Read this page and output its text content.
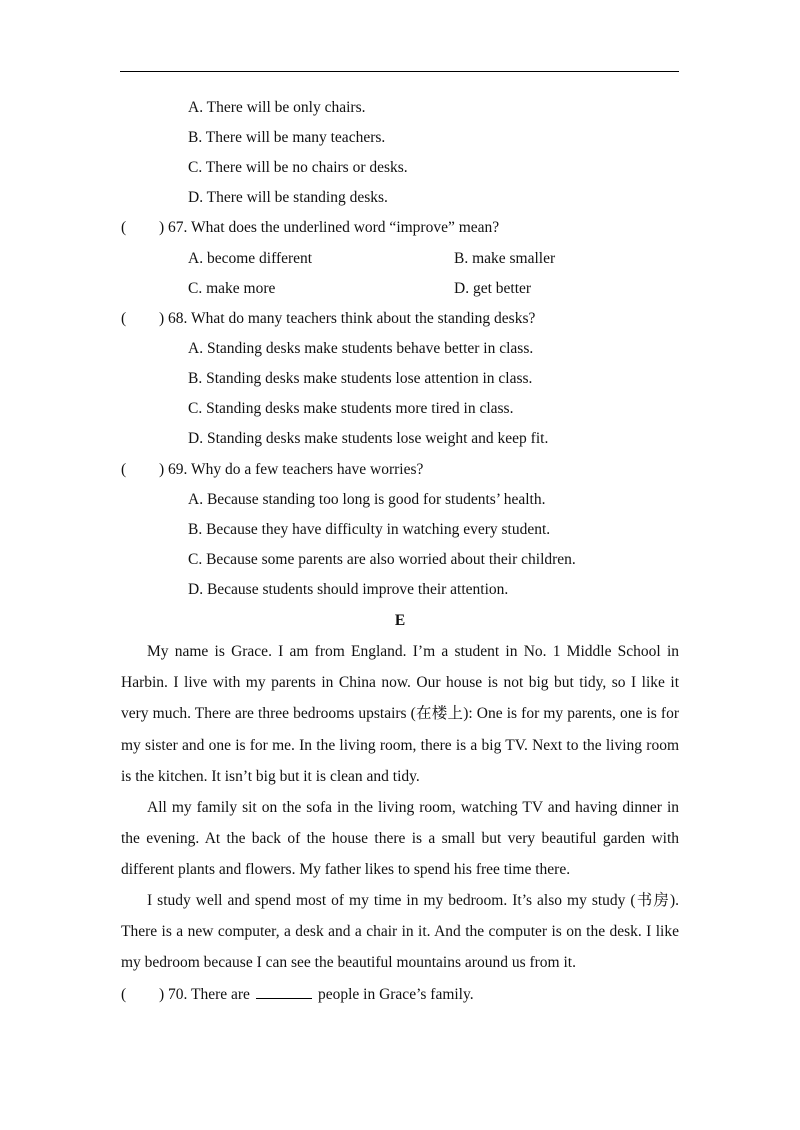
A. There will be only chairs.
B. There will be many teachers.
C. There will be no chairs or desks.
D. There will be standing desks.
( ) 67. What does the underlined word “improve” mean?
A. become different	B. make smaller
C. make more	D. get better
( ) 68. What do many teachers think about the standing desks?
A. Standing desks make students behave better in class.
B. Standing desks make students lose attention in class.
C. Standing desks make students more tired in class.
D. Standing desks make students lose weight and keep fit.
( ) 69. Why do a few teachers have worries?
A. Because standing too long is good for students’ health.
B. Because they have difficulty in watching every student.
C. Because some parents are also worried about their children.
D. Because students should improve their attention.
E
My name is Grace. I am from England. I’m a student in No. 1 Middle School in Harbin. I live with my parents in China now. Our house is not big but tidy, so I like it very much. There are three bedrooms upstairs (在楼上): One is for my parents, one is for my sister and one is for me. In the living room, there is a big TV. Next to the living room is the kitchen. It isn’t big but it is clean and tidy.
All my family sit on the sofa in the living room, watching TV and having dinner in the evening. At the back of the house there is a small but very beautiful garden with different plants and flowers. My father likes to spend his free time there.
I study well and spend most of my time in my bedroom. It’s also my study (书房). There is a new computer, a desk and a chair in it. And the computer is on the desk. I like my bedroom because I can see the beautiful mountains around us from it.
( ) 70. There are	people in Grace’s family.
